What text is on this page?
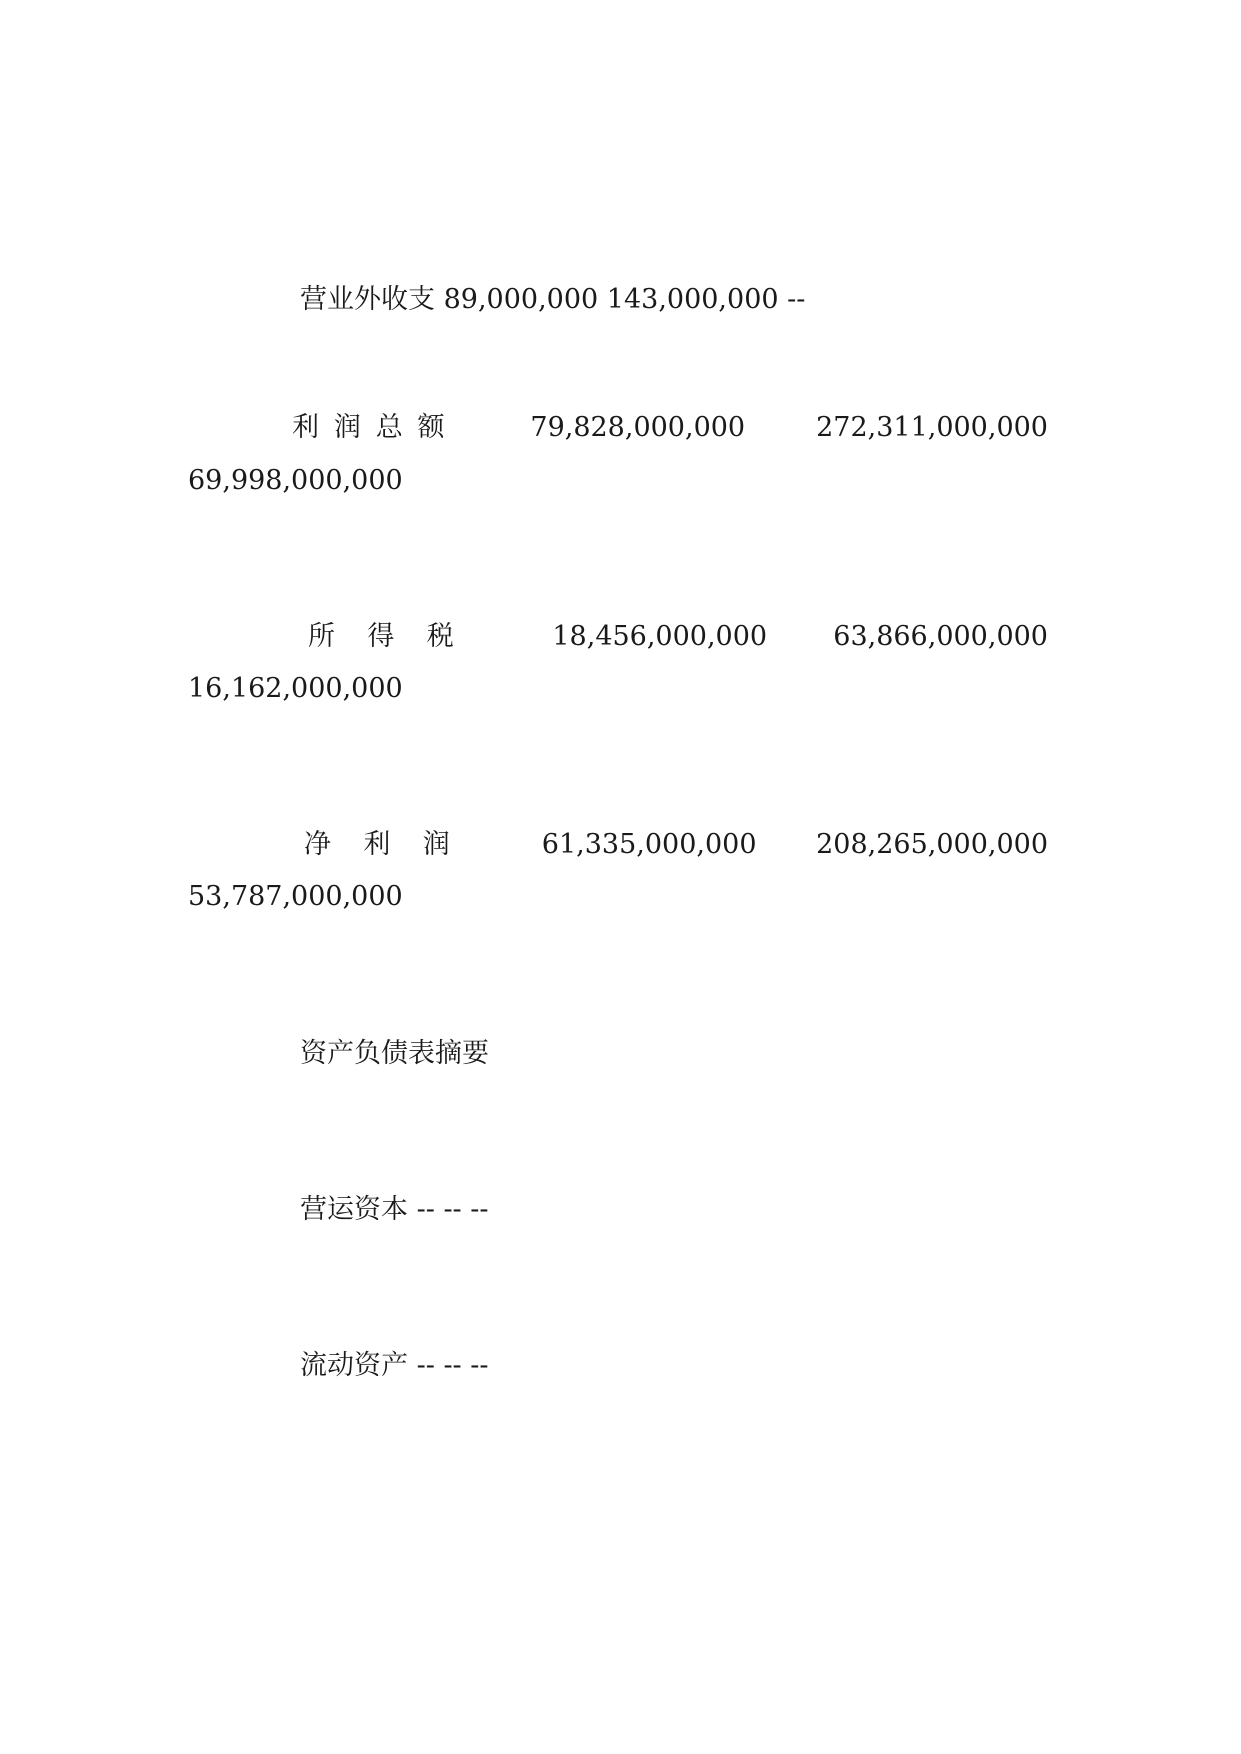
营业外收支 89,000,000 143,000,000 --
利润总额	79,828,000,000	272,311,000,000
69,998,000,000
所得税 18,456,000,000 63,866,000,000
16,162,000,000
净利润 61,335,000,000 208,265,000,000
53,787,000,000
资产负债表摘要
营运资本 -- -- --
流动资产 -- -- --
